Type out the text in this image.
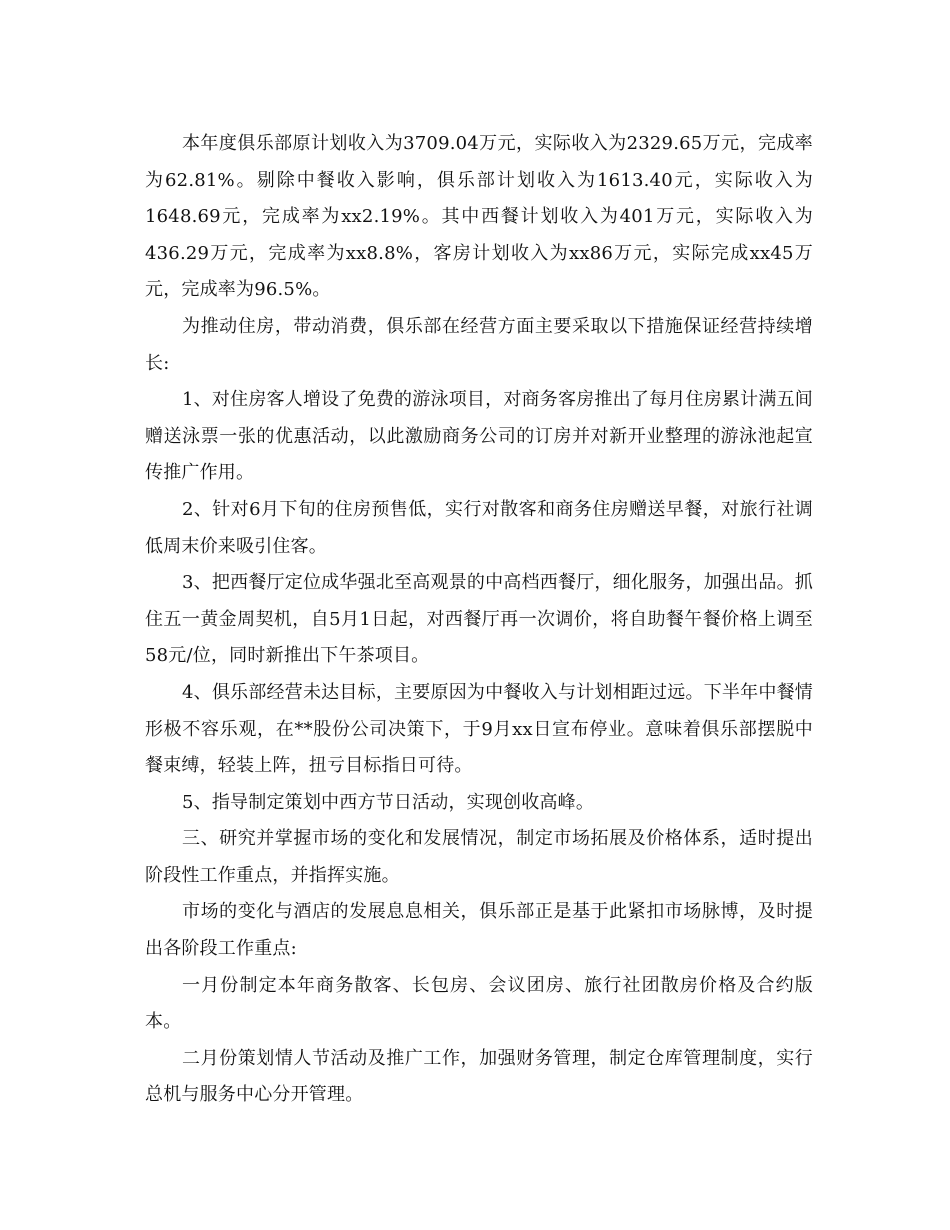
本年度俱乐部原计划收入为3709.04万元，实际收入为2329.65万元，完成率为62.81%。剔除中餐收入影响，俱乐部计划收入为1613.40元，实际收入为1648.69元，完成率为xx2.19%。其中西餐计划收入为401万元，实际收入为436.29万元，完成率为xx8.8%，客房计划收入为xx86万元，实际完成xx45万元，完成率为96.5%。

为推动住房，带动消费，俱乐部在经营方面主要采取以下措施保证经营持续增长:

1、对住房客人增设了免费的游泳项目，对商务客房推出了每月住房累计满五间赠送泳票一张的优惠活动，以此激励商务公司的订房并对新开业整理的游泳池起宣传推广作用。

2、针对6月下旬的住房预售低，实行对散客和商务住房赠送早餐，对旅行社调低周末价来吸引住客。

3、把西餐厅定位成华强北至高观景的中高档西餐厅，细化服务，加强出品。抓住五一黄金周契机，自5月1日起，对西餐厅再一次调价，将自助餐午餐价格上调至58元/位，同时新推出下午茶项目。

4、俱乐部经营未达目标，主要原因为中餐收入与计划相距过远。下半年中餐情形极不容乐观，在**股份公司决策下，于9月xx日宣布停业。意味着俱乐部摆脱中餐束缚，轻装上阵，扭亏目标指日可待。

5、指导制定策划中西方节日活动，实现创收高峰。

三、研究并掌握市场的变化和发展情况，制定市场拓展及价格体系，适时提出阶段性工作重点，并指挥实施。

市场的变化与酒店的发展息息相关，俱乐部正是基于此紧扣市场脉博，及时提出各阶段工作重点:

一月份制定本年商务散客、长包房、会议团房、旅行社团散房价格及合约版本。

二月份策划情人节活动及推广工作，加强财务管理，制定仓库管理制度，实行总机与服务中心分开管理。
